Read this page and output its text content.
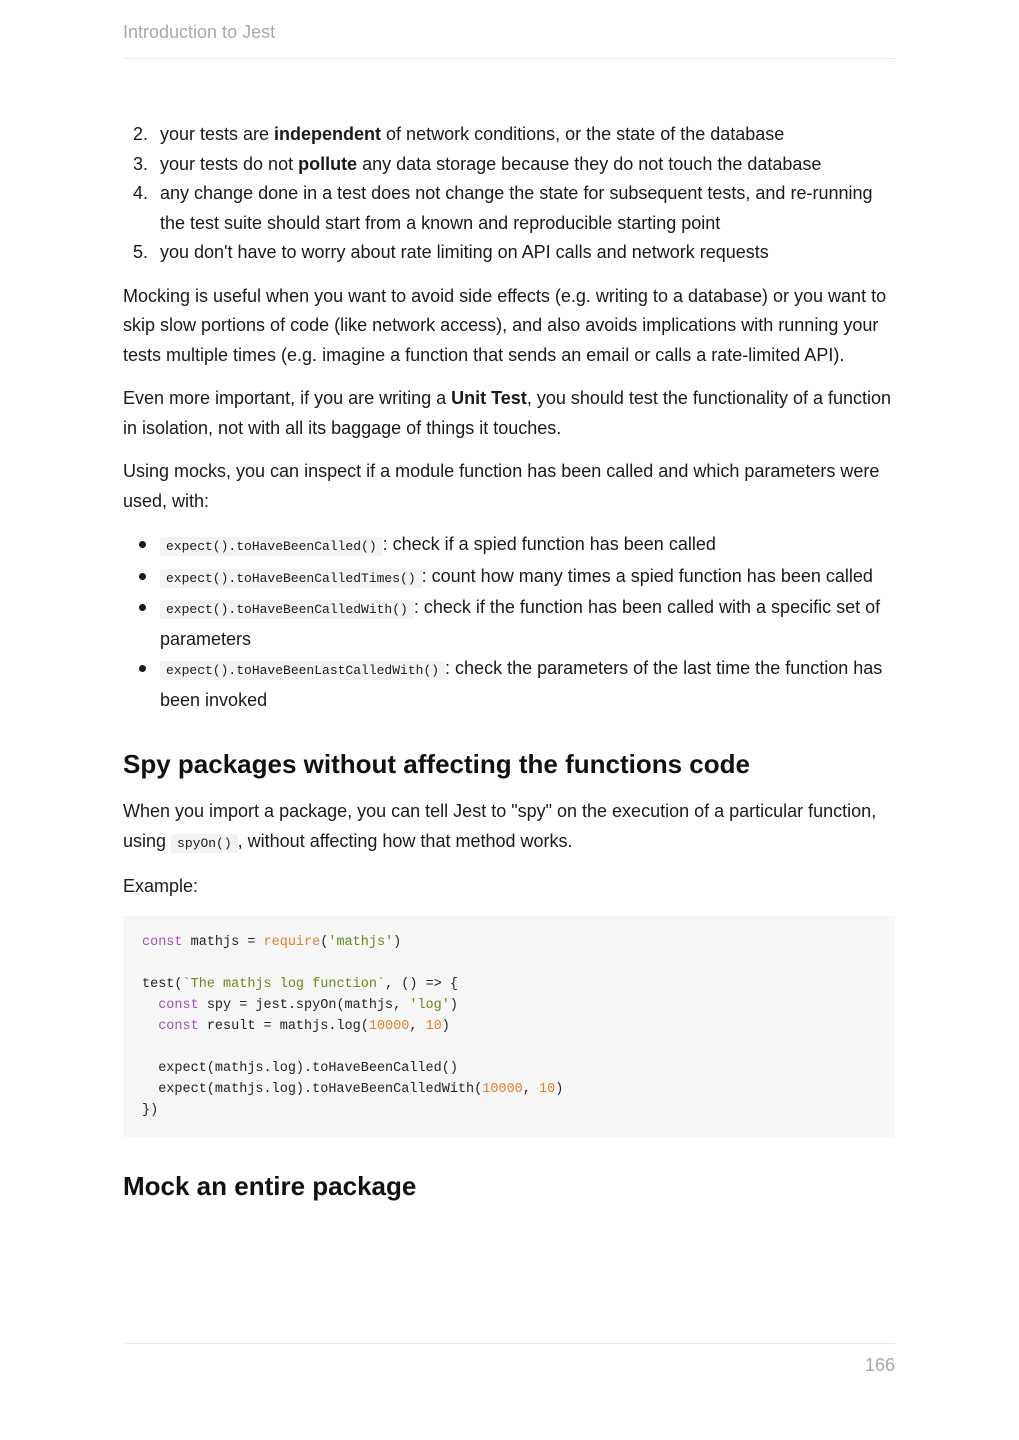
Introduction to Jest
2. your tests are independent of network conditions, or the state of the database
3. your tests do not pollute any data storage because they do not touch the database
4. any change done in a test does not change the state for subsequent tests, and re-running the test suite should start from a known and reproducible starting point
5. you don't have to worry about rate limiting on API calls and network requests

Mocking is useful when you want to avoid side effects (e.g. writing to a database) or you want to skip slow portions of code (like network access), and also avoids implications with running your tests multiple times (e.g. imagine a function that sends an email or calls a rate-limited API).

Even more important, if you are writing a Unit Test, you should test the functionality of a function in isolation, not with all its baggage of things it touches.

Using mocks, you can inspect if a module function has been called and which parameters were used, with:

expect().toHaveBeenCalled() : check if a spied function has been called
expect().toHaveBeenCalledTimes() : count how many times a spied function has been called
expect().toHaveBeenCalledWith() : check if the function has been called with a specific set of parameters
expect().toHaveBeenLastCalledWith() : check the parameters of the last time the function has been invoked
Spy packages without affecting the functions code

When you import a package, you can tell Jest to "spy" on the execution of a particular function, using spyOn() , without affecting how that method works.

Example:

const mathjs = require('mathjs')
test(`The mathjs log function`, () => {
const spy = jest.spyOn(mathjs, 'log')
const result = mathjs.log(10000, 10)
expect(mathjs.log).toHaveBeenCalled()
expect(mathjs.log).toHaveBeenCalledWith(10000, 10)
})
Mock an entire package
166
